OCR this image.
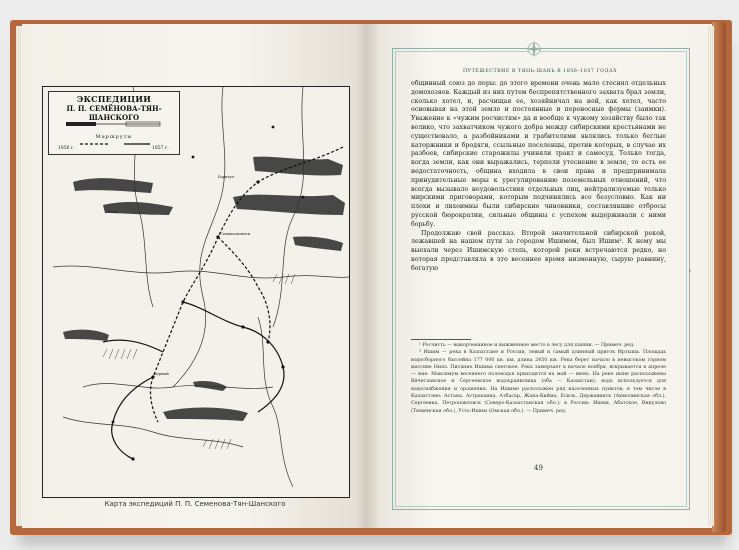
ЭКСПЕДИЦИИ
П. П. СЕМЁНОВА-ТЯН-ШАНСКОГО
Маршруты
1856 г.	1857 г.
Барнаул
Семипалатинск
Верный
Омск
Карта экспедиций П. П. Семенова-Тян-Шанского
ПУТЕШЕСТВИЕ В ТЯНЬ-ШАНЬ В 1856–1857 ГОДАХ

общинный союз до поры: до этого времени очень мало стеснял отдельных домохозяев. Каждый из них путем беспрепятственного захвата брал земли, сколько хотел, и, расчищая ее, хозяйничал на ней, как хотел, часто основывая на этой земле и постоянные и переносные фермы (заимки). Уважение к «чужим росчистям» да и вообще к чужому хозяйству было так велико, что захватчиком чужого добра между сибирскими крестьянами не существовало, а разбойниками и грабителями являлись только беглые каторжники и бродяги, ссыльные поселенцы, против которых, в случае их разбоев, сибирские старожилы учиняли тракт и самосуд. Только тогда, когда земли, как они выражались, терпели утеснение в земле, то есть ее недостаточность, община входила в свои права и предпринимала принудительные меры к урегулированию поземельных отношений, что всегда вызывало неудовольствия отдельных лиц, нейтрализуемые только мирскими приговорами, которым подчинялись все безусловно. Как ни плохи и лихоимны были сибирские чиновники, составлявшие отбросы русской бюрократии, сильные общины с успехом выдерживали с ними борьбу.

Продолжаю свой рассказ. Второй значительной сибирской рекой, лежавшей на нашем пути за городом Ишимом, был Ишим². К нему мы выехали через Ишимскую степь, которой реки встречаются редко, но которая представляла в это весеннее время низменную, сырую равнину, богатую

¹ Росчисть — выкорчеванное и выжженное место в лесу для пашни. — Примеч. ред.

² Ишим — река в Казахстане и России, левый и самый длинный приток Иртыша. Площадь водосборного бассейна 177 000 кв. км, длина 2450 км. Река берет начало в невысоком горном массиве Нияз. Питание Ишима снеговое. Река замерзает в начале ноября, вскрывается в апреле — мае. Максимум весеннего половодья приходится на май — июнь. На реке ныне расположены Вячеславское и Сергеевское водохранилища (оба — Казахстан); вода используется для водоснабжения и орошения. На Ишиме расположен ряд населенных пунктов, в том числе в Казахстане: Астана, Астраханка, Атбасар, Жана-Кийма, Есиль, Державинск (Акмолинская обл.), Сергеевка, Петропавловск (Северо-Казахстанская обл.); в России: Ишим, Абатское, Викулово (Тюменская обл.), Усть-Ишим (Омская обл.). — Примеч. ред.

49
ϵ
